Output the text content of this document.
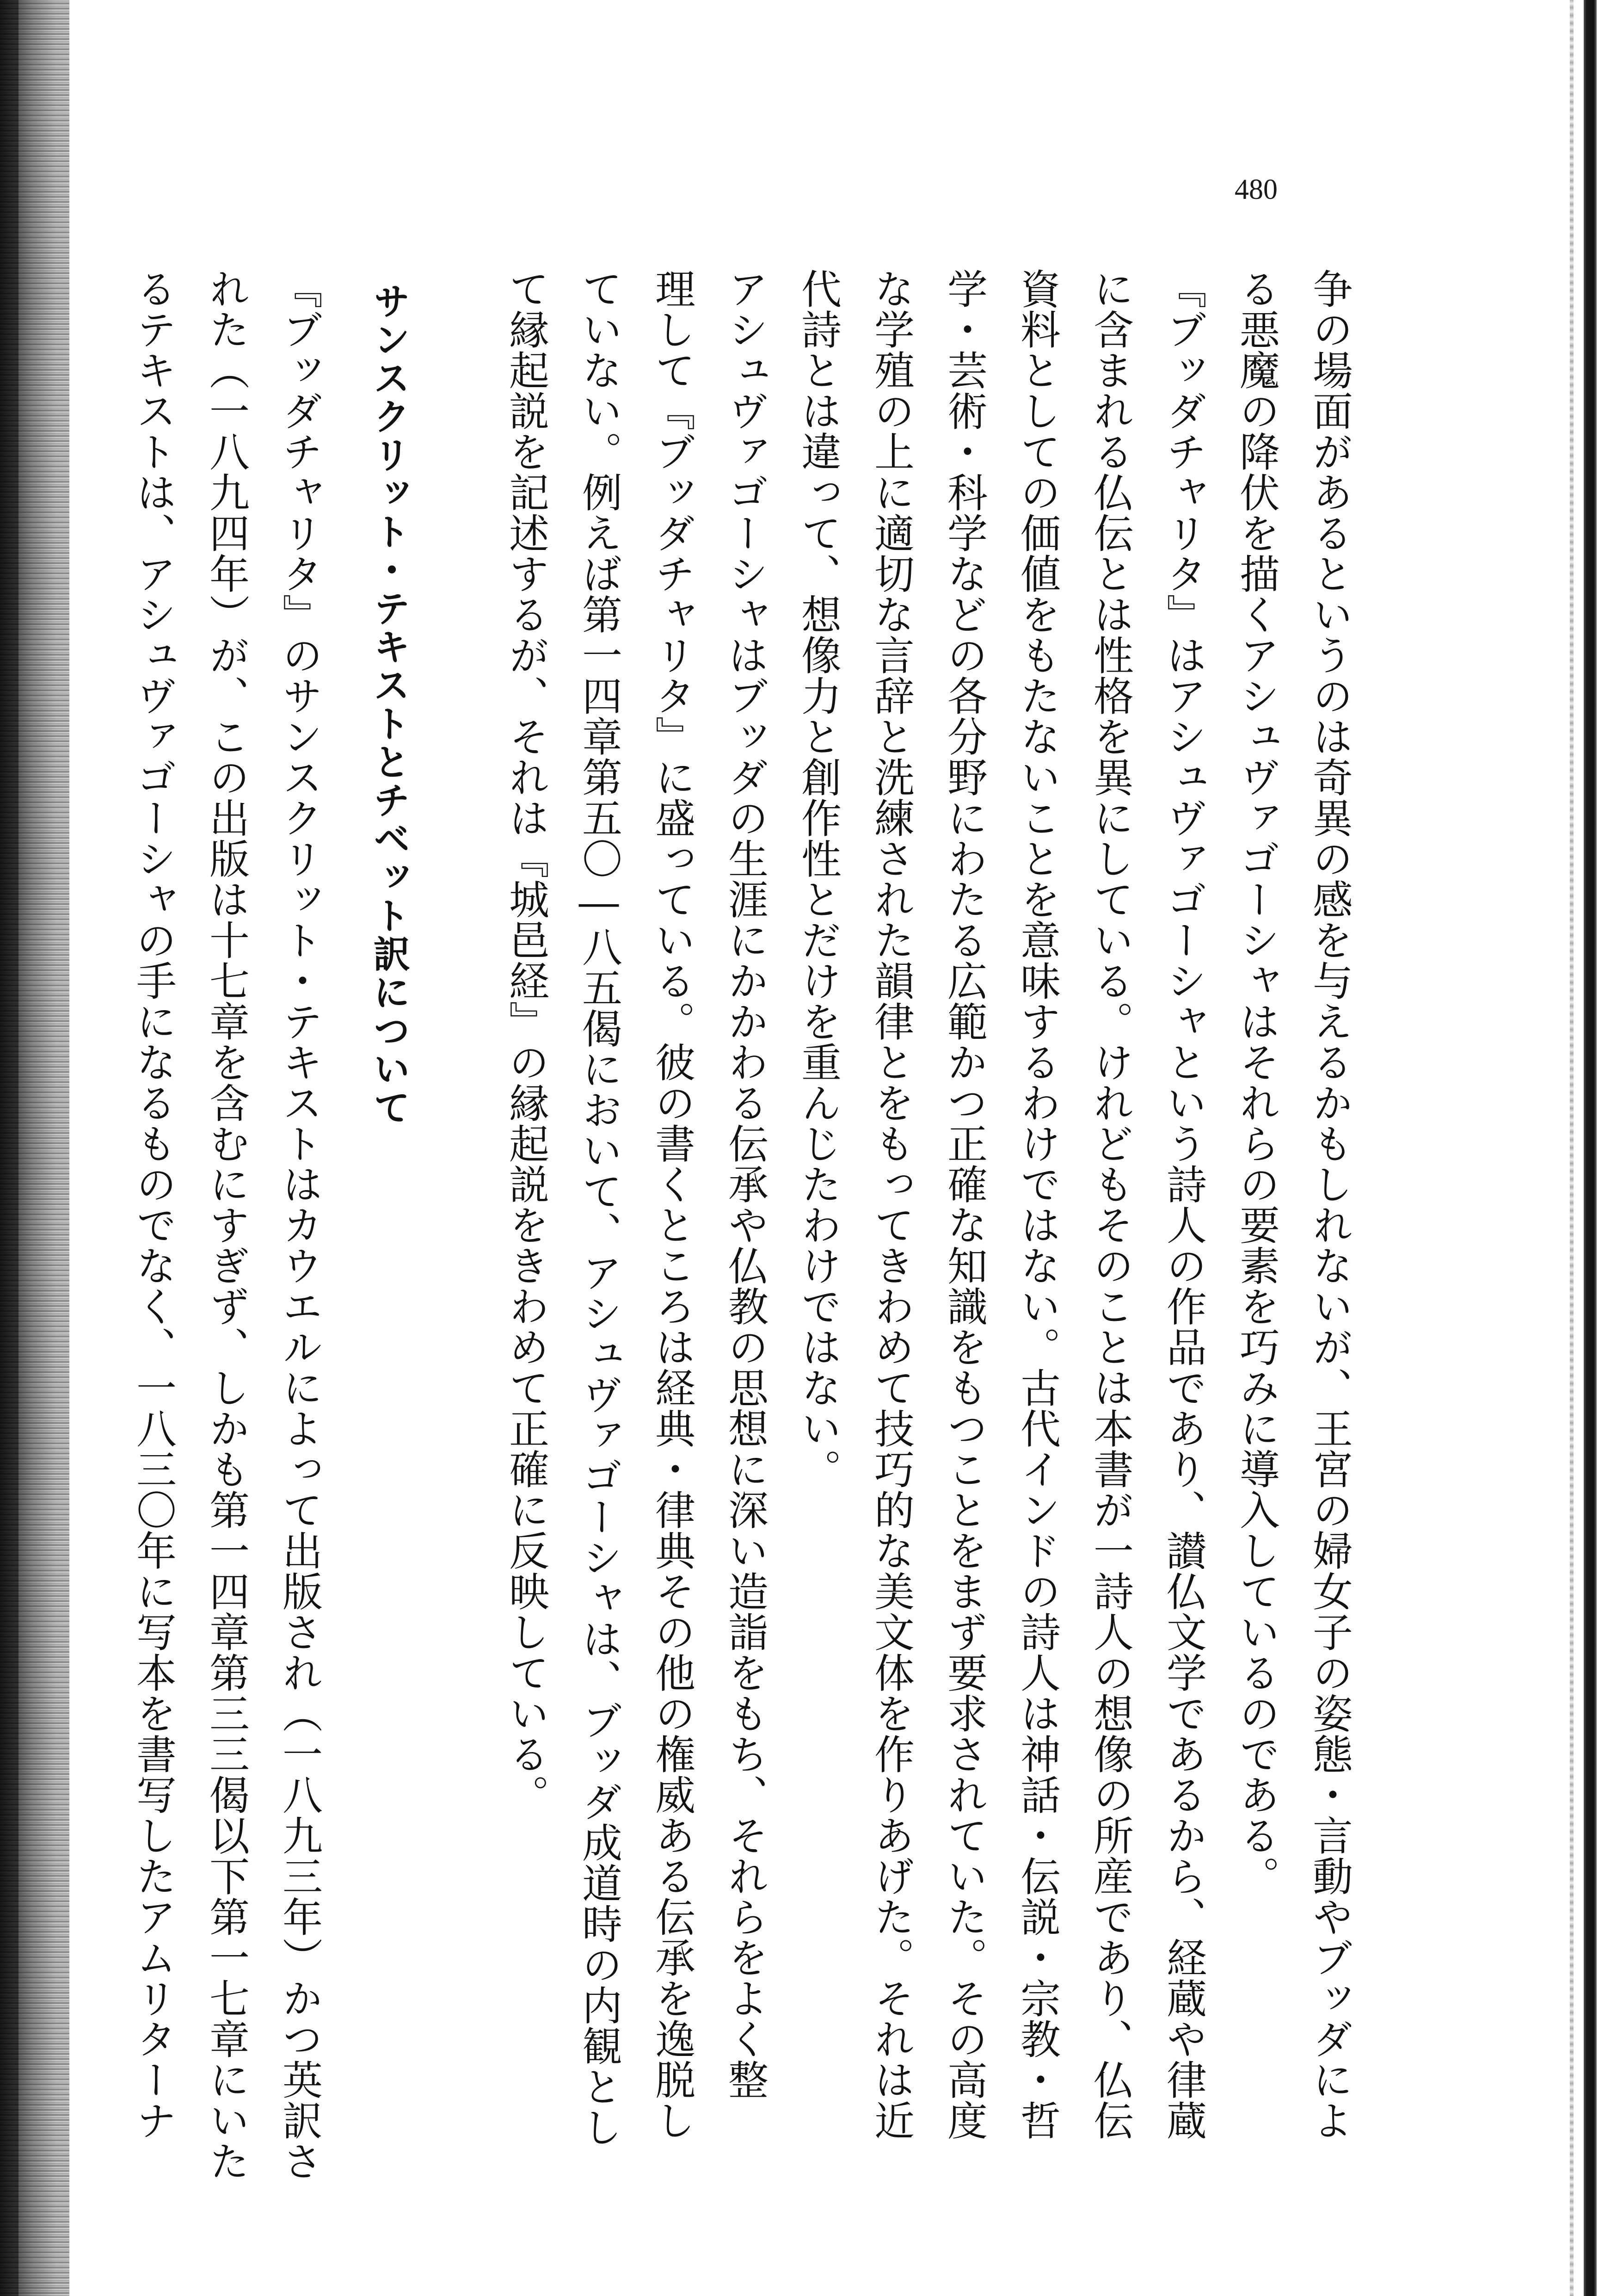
480
争の場面があるというのは奇異の感を与えるかもしれないが、王宮の婦女子の姿態・言動やブッダによ
る悪魔の降伏を描くアシュヴァゴーシャはそれらの要素を巧みに導入しているのである。
『ブッダチャリタ』はアシュヴァゴーシャという詩人の作品であり、讃仏文学であるから、経蔵や律蔵
に含まれる仏伝とは性格を異にしている。けれどもそのことは本書が一詩人の想像の所産であり、仏伝
資料としての価値をもたないことを意味するわけではない。古代インドの詩人は神話・伝説・宗教・哲
学・芸術・科学などの各分野にわたる広範かつ正確な知識をもつことをまず要求されていた。その高度
な学殖の上に適切な言辞と洗練された韻律とをもってきわめて技巧的な美文体を作りあげた。それは近
代詩とは違って、想像力と創作性とだけを重んじたわけではない。
アシュヴァゴーシャはブッダの生涯にかかわる伝承や仏教の思想に深い造詣をもち、それらをよく整
理して『ブッダチャリタ』に盛っている。彼の書くところは経典・律典その他の権威ある伝承を逸脱し
ていない。例えば第一四章第五〇―八五偈において、アシュヴァゴーシャは、ブッダ成道時の内観とし
て縁起説を記述するが、それは『城邑経』の縁起説をきわめて正確に反映している。
サンスクリット・テキストとチベット訳について
『ブッダチャリタ』のサンスクリット・テキストはカウエルによって出版され（一八九三年）かつ英訳さ
れた（一八九四年）が、この出版は十七章を含むにすぎず、しかも第一四章第三三偈以下第一七章にいた
るテキストは、アシュヴァゴーシャの手になるものでなく、一八三〇年に写本を書写したアムリターナ
